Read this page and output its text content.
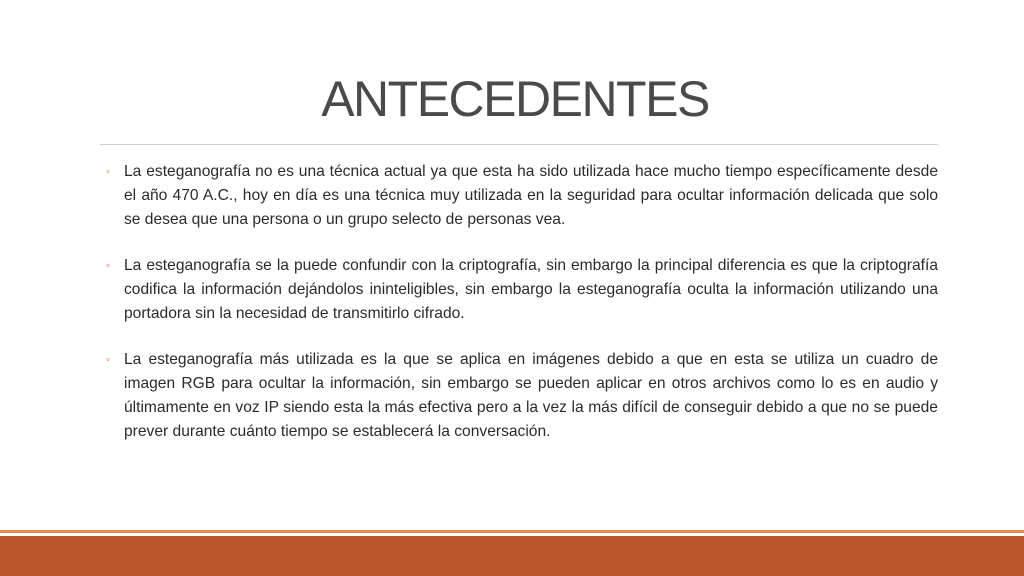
ANTECEDENTES
◦ La esteganografía no es una técnica actual ya que esta ha sido utilizada hace mucho tiempo específicamente desde el año 470 A.C., hoy en día es una técnica muy utilizada en la seguridad para ocultar información delicada que solo se desea que una persona o un grupo selecto de personas vea.
◦ La esteganografía se la puede confundir con la criptografía, sin embargo la principal diferencia es que la criptografía codifica la información dejándolos ininteligibles, sin embargo la esteganografía oculta la información utilizando una portadora sin la necesidad de transmitirlo cifrado.
◦ La esteganografía más utilizada es la que se aplica en imágenes debido a que en esta se utiliza un cuadro de imagen RGB para ocultar la información, sin embargo se pueden aplicar en otros archivos como lo es en audio y últimamente en voz IP siendo esta la más efectiva pero a la vez la más difícil de conseguir debido a que no se puede prever durante cuánto tiempo se establecerá la conversación.
